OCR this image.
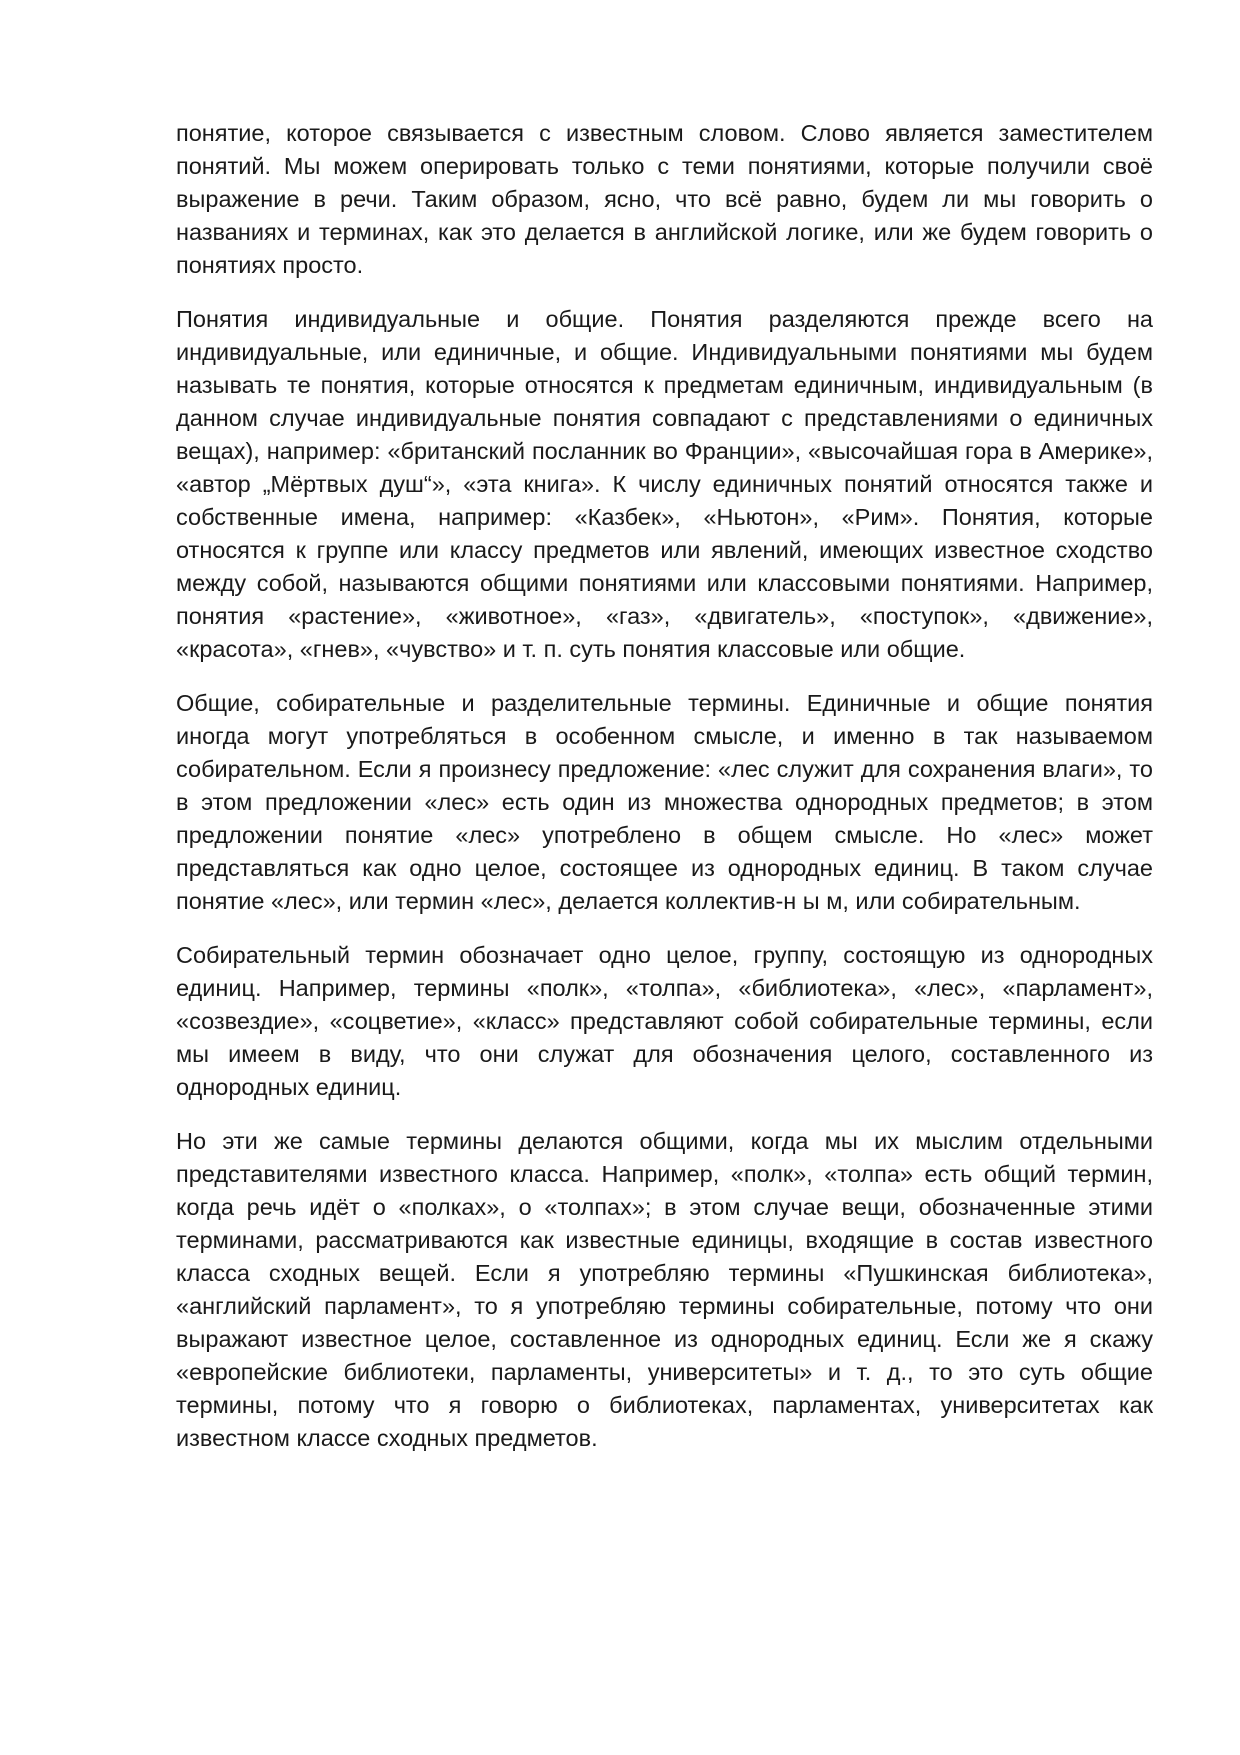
понятие, которое связывается с известным словом. Слово является заместителем понятий. Мы можем оперировать только с теми понятиями, которые получили своё выражение в речи. Таким образом, ясно, что всё равно, будем ли мы говорить о названиях и терминах, как это делается в английской логике, или же будем говорить о понятиях просто.

Понятия индивидуальные и общие. Понятия разделяются прежде всего на индивидуальные, или единичные, и общие. Индивидуальными понятиями мы будем называть те понятия, которые относятся к предметам единичным, индивидуальным (в данном случае индивидуальные понятия совпадают с представлениями о единичных вещах), например: «британский посланник во Франции», «высочайшая гора в Америке», «автор „Мёртвых душ“», «эта книга». К числу единичных понятий относятся также и собственные имена, например: «Казбек», «Ньютон», «Рим». Понятия, которые относятся к группе или классу предметов или явлений, имеющих известное сходство между собой, называются общими понятиями или классовыми понятиями. Например, понятия «растение», «животное», «газ», «двигатель», «поступок», «движение», «красота», «гнев», «чувство» и т. п. суть понятия классовые или общие.

Общие, собирательные и разделительные термины. Единичные и общие понятия иногда могут употребляться в особенном смысле, и именно в так называемом собирательном. Если я произнесу предложение: «лес служит для сохранения влаги», то в этом предложении «лес» есть один из множества однородных предметов; в этом предложении понятие «лес» употреблено в общем смысле. Но «лес» может представляться как одно целое, состоящее из однородных единиц. В таком случае понятие «лес», или термин «лес», делается коллектив-н ы м, или собирательным.

Собирательный термин обозначает одно целое, группу, состоящую из однородных единиц. Например, термины «полк», «толпа», «библиотека», «лес», «парламент», «созвездие», «соцветие», «класс» представляют собой собирательные термины, если мы имеем в виду, что они служат для обозначения целого, составленного из однородных единиц.

Но эти же самые термины делаются общими, когда мы их мыслим отдельными представителями известного класса. Например, «полк», «толпа» есть общий термин, когда речь идёт о «полках», о «толпах»; в этом случае вещи, обозначенные этими терминами, рассматриваются как известные единицы, входящие в состав известного класса сходных вещей. Если я употребляю термины «Пушкинская библиотека», «английский парламент», то я употребляю термины собирательные, потому что они выражают известное целое, составленное из однородных единиц. Если же я скажу «европейские библиотеки, парламенты, университеты» и т. д., то это суть общие термины, потому что я говорю о библиотеках, парламентах, университетах как известном классе сходных предметов.
